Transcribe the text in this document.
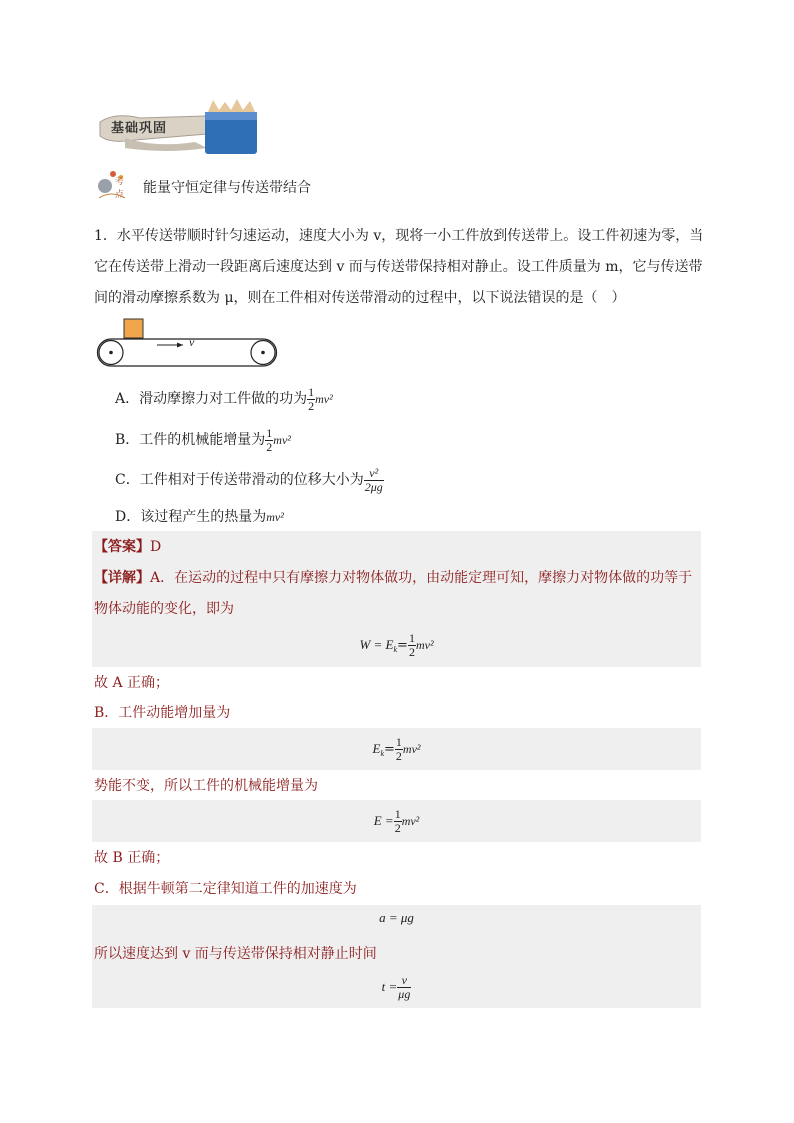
基础巩固
考
点 能量守恒定律与传送带结合
1．水平传送带顺时针匀速运动，速度大小为 v，现将一小工件放到传送带上。设工件初速为零，当
它在传送带上滑动一段距离后速度达到 v 而与传送带保持相对静止。设工件质量为 m，它与传送带
间的滑动摩擦系数为 μ，则在工件相对传送带滑动的过程中，以下说法错误的是（　）
v
A．滑动摩擦力对工件做的功为 $\frac{1}{2} mv^2$
B．工件的机械能增量为 $\frac{1}{2} mv^2$
C．工件相对于传送带滑动的位移大小为 $\frac{\text{v²}}{2\mu g}$
D．该过程产生的热量为 mv²
【答案】D
【详解】A．在运动的过程中只有摩擦力对物体做功，由动能定理可知，摩擦力对物体做的功等于
物体动能的变化，即为
W = E $k = \frac{1}{2} mv^2$
故 A 正确；
B．工件动能增加量为
E $k = \frac{1}{2} mv^2$
势能不变，所以工件的机械能增量为
$E = \frac{1}{2} mv^2$
故 B 正确；
C．根据牛顿第二定律知道工件的加速度为
a = μg
所以速度达到 v 而与传送带保持相对静止时间
$t = \frac{v}{\mu g}$
